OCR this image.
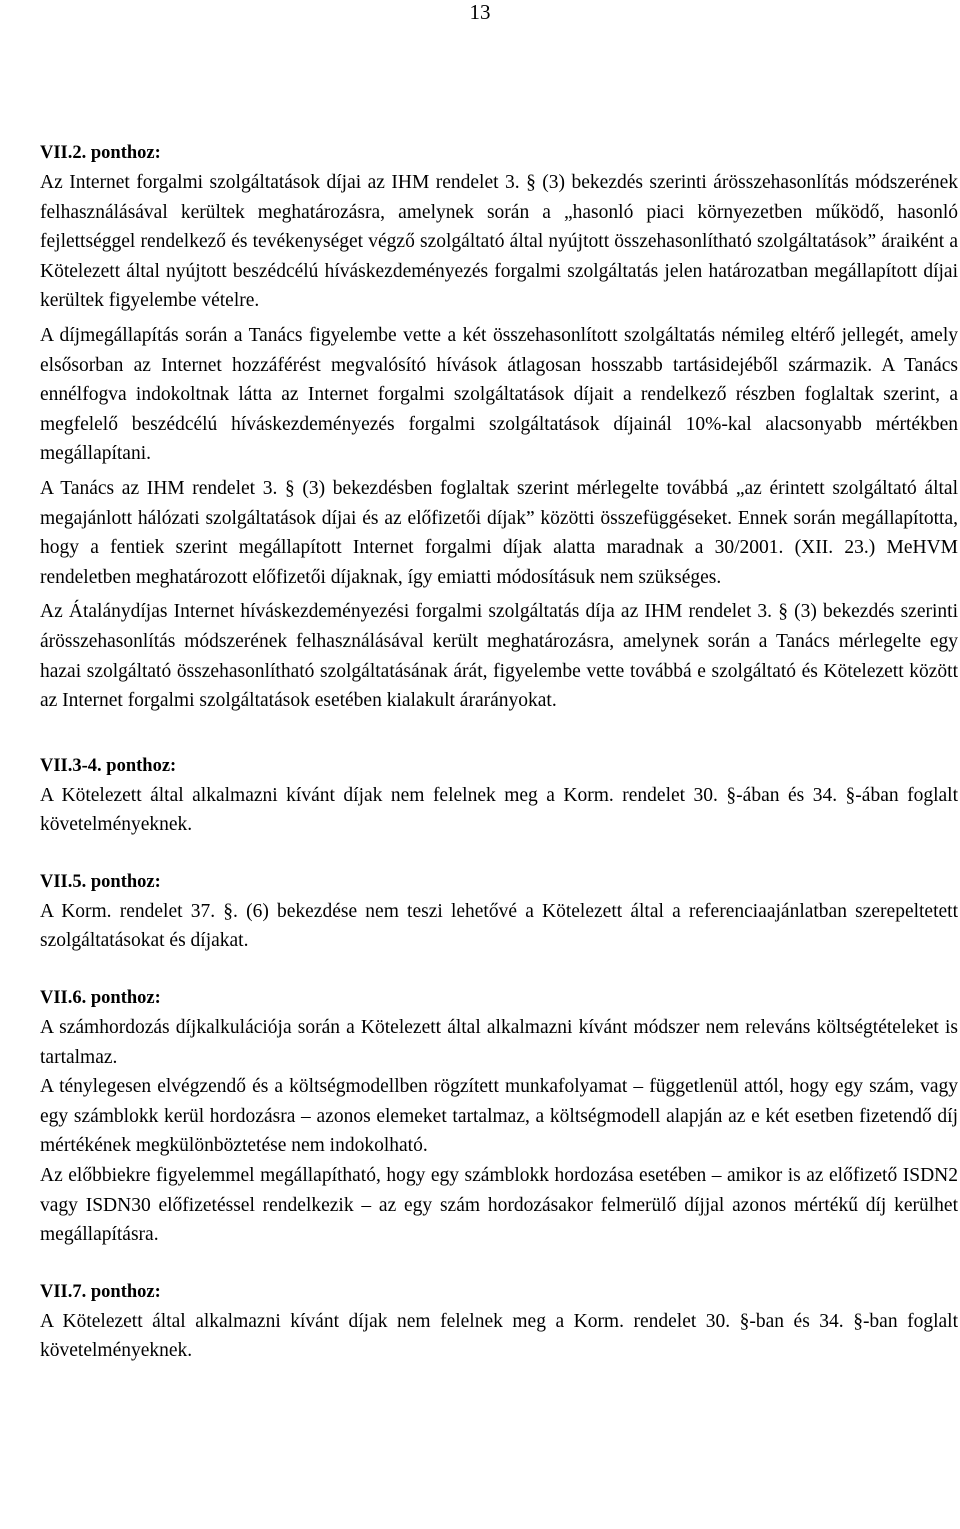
13
VII.2. ponthoz:

Az Internet forgalmi szolgáltatások díjai az IHM rendelet 3. § (3) bekezdés szerinti árösszehasonlítás módszerének felhasználásával kerültek meghatározásra, amelynek során a „hasonló piaci környezetben működő, hasonló fejlettséggel rendelkező és tevékenységet végző szolgáltató által nyújtott összehasonlítható szolgáltatások” áraiként a Kötelezett által nyújtott beszédcélú híváskezdeményezés forgalmi szolgáltatás jelen határozatban megállapított díjai kerültek figyelembe vételre.

A díjmegállapítás során a Tanács figyelembe vette a két összehasonlított szolgáltatás némileg eltérő jellegét, amely elsősorban az Internet hozzáférést megvalósító hívások átlagosan hosszabb tartásidejéből származik. A Tanács ennélfogva indokoltnak látta az Internet forgalmi szolgáltatások díjait a rendelkező részben foglaltak szerint, a megfelelő beszédcélú híváskezdeményezés forgalmi szolgáltatások díjainál 10%-kal alacsonyabb mértékben megállapítani.

A Tanács az IHM rendelet 3. § (3) bekezdésben foglaltak szerint mérlegelte továbbá „az érintett szolgáltató által megajánlott hálózati szolgáltatások díjai és az előfizetői díjak” közötti összefüggéseket. Ennek során megállapította, hogy a fentiek szerint megállapított Internet forgalmi díjak alatta maradnak a 30/2001. (XII. 23.) MeHVM rendeletben meghatározott előfizetői díjaknak, így emiatti módosításuk nem szükséges.

Az Átalánydíjas Internet híváskezdeményezési forgalmi szolgáltatás díja az IHM rendelet 3. § (3) bekezdés szerinti árösszehasonlítás módszerének felhasználásával került meghatározásra, amelynek során a Tanács mérlegelte egy hazai szolgáltató összehasonlítható szolgáltatásának árát, figyelembe vette továbbá e szolgáltató és Kötelezett között az Internet forgalmi szolgáltatások esetében kialakult árarányokat.

VII.3-4. ponthoz:

A Kötelezett által alkalmazni kívánt díjak nem felelnek meg a Korm. rendelet 30. §-ában és 34. §-ában foglalt követelményeknek.

VII.5. ponthoz:

A Korm. rendelet 37. §. (6) bekezdése nem teszi lehetővé a Kötelezett által a referenciaajánlatban szerepeltetett szolgáltatásokat és díjakat.

VII.6. ponthoz:

A számhordozás díjkalkulációja során a Kötelezett által alkalmazni kívánt módszer nem releváns költségtételeket is tartalmaz.

A ténylegesen elvégzendő és a költségmodellben rögzített munkafolyamat – függetlenül attól, hogy egy szám, vagy egy számblokk kerül hordozásra – azonos elemeket tartalmaz, a költségmodell alapján az e két esetben fizetendő díj mértékének megkülönböztetése nem indokolható.

Az előbbiekre figyelemmel megállapítható, hogy egy számblokk hordozása esetében – amikor is az előfizető ISDN2 vagy ISDN30 előfizetéssel rendelkezik – az egy szám hordozásakor felmerülő díjjal azonos mértékű díj kerülhet megállapításra.

VII.7. ponthoz:

A Kötelezett által alkalmazni kívánt díjak nem felelnek meg a Korm. rendelet 30. §-ban és 34. §-ban foglalt követelményeknek.
